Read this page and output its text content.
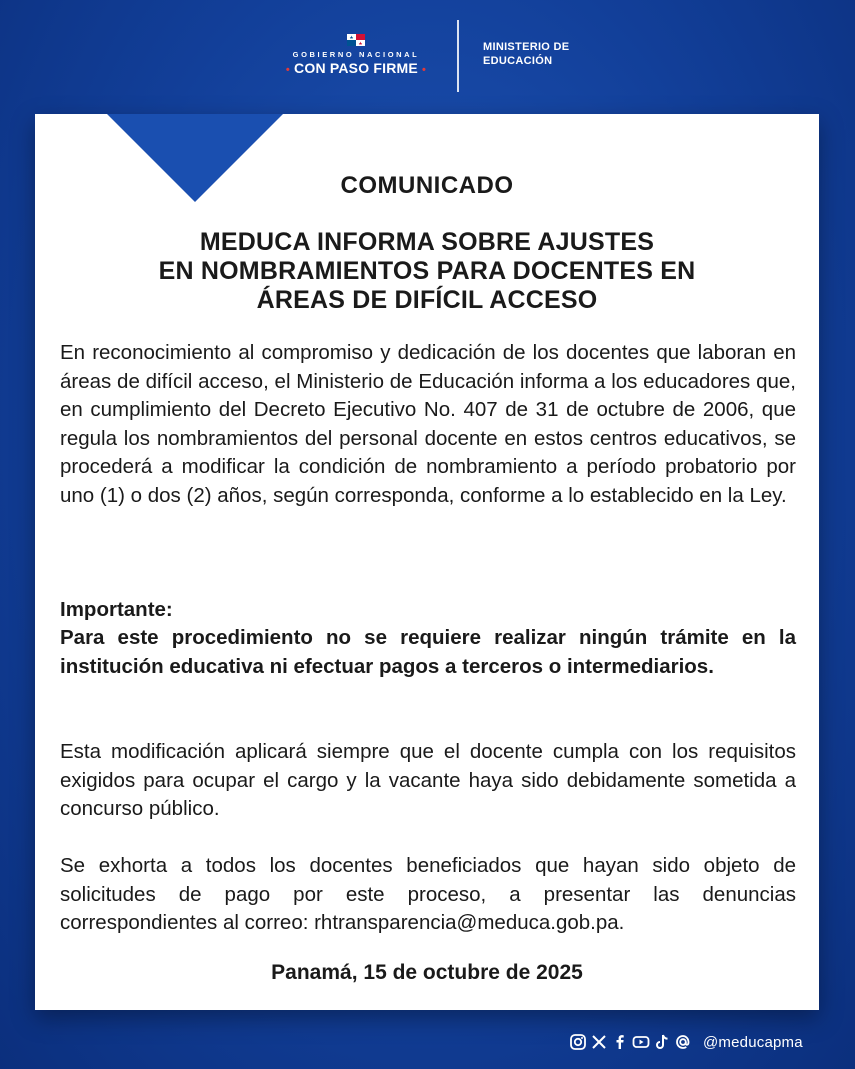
GOBIERNO NACIONAL
• CON PASO FIRME •
MINISTERIO DE
EDUCACIÓN
COMUNICADO
MEDUCA INFORMA SOBRE AJUSTES
EN NOMBRAMIENTOS PARA DOCENTES EN
ÁREAS DE DIFÍCIL ACCESO

En reconocimiento al compromiso y dedicación de los docentes que laboran en áreas de difícil acceso, el Ministerio de Educación informa a los educadores que, en cumplimiento del Decreto Ejecutivo No. 407 de 31 de octubre de 2006, que regula los nombramientos del personal docente en estos centros educativos, se procederá a modificar la condición de nombramiento a período probatorio por uno (1) o dos (2) años, según corresponda, conforme a lo establecido en la Ley.

Importante:

Para este procedimiento no se requiere realizar ningún trámite en la institución educativa ni efectuar pagos a terceros o intermediarios.

Esta modificación aplicará siempre que el docente cumpla con los requisitos exigidos para ocupar el cargo y la vacante haya sido debidamente sometida a concurso público.

Se exhorta a todos los docentes beneficiados que hayan sido objeto de solicitudes de pago por este proceso, a presentar las denuncias correspondientes al correo: rhtransparencia@meduca.gob.pa.

Panamá, 15 de octubre de 2025
@meducapma
